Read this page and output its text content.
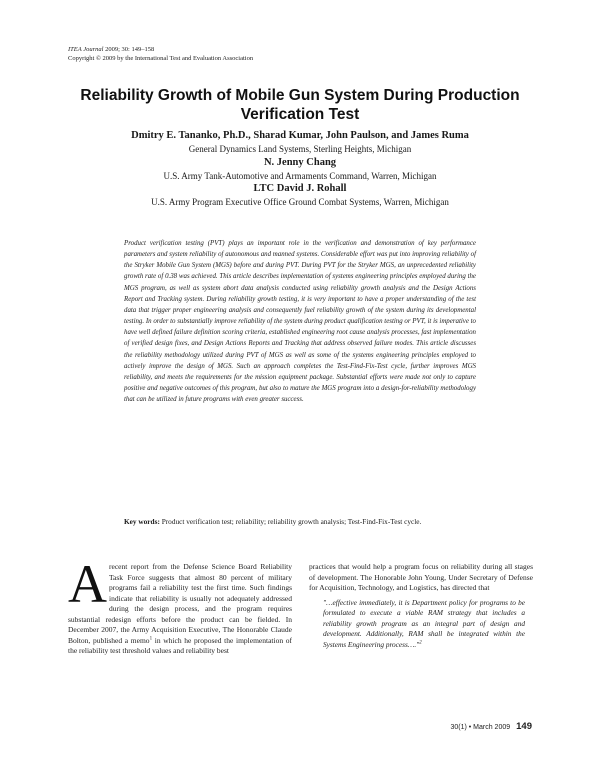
ITEA Journal 2009; 30: 149–158
Copyright © 2009 by the International Test and Evaluation Association
Reliability Growth of Mobile Gun System During Production Verification Test
Dmitry E. Tananko, Ph.D., Sharad Kumar, John Paulson, and James Ruma
General Dynamics Land Systems, Sterling Heights, Michigan
N. Jenny Chang
U.S. Army Tank-Automotive and Armaments Command, Warren, Michigan
LTC David J. Rohall
U.S. Army Program Executive Office Ground Combat Systems, Warren, Michigan
Product verification testing (PVT) plays an important role in the verification and demonstration of key performance parameters and system reliability of autonomous and manned systems. Considerable effort was put into improving reliability of the Stryker Mobile Gun System (MGS) before and during PVT. During PVT for the Stryker MGS, an unprecedented reliability growth rate of 0.38 was achieved. This article describes implementation of systems engineering principles employed during the MGS program, as well as system abort data analysis conducted using reliability growth analysis and the Design Actions Report and Tracking system. During reliability growth testing, it is very important to have a proper understanding of the test data that trigger proper engineering analysis and consequently fuel reliability growth of the system during its developmental testing. In order to substantially improve reliability of the system during product qualification testing or PVT, it is imperative to have well defined failure definition scoring criteria, established engineering root cause analysis processes, fast implementation of verified design fixes, and Design Actions Reports and Tracking that address observed failure modes. This article discusses the reliability methodology utilized during PVT of MGS as well as some of the systems engineering principles employed to actively improve the design of MGS. Such an approach completes the Test-Find-Fix-Test cycle, further improves MGS reliability, and meets the requirements for the mission equipment package. Substantial efforts were made not only to capture positive and negative outcomes of this program, but also to mature the MGS program into a design-for-reliability methodology that can be utilized in future programs with even greater success.
Key words: Product verification test; reliability; reliability growth analysis; Test-Find-Fix-Test cycle.
Arecent report from the Defense Science Board Reliability Task Force suggests that almost 80 percent of military programs fail a reliability test the first time. Such findings indicate that reliability is usually not adequately addressed during the design process, and the program requires substantial redesign efforts before the product can be fielded. In December 2007, the Army Acquisition Executive, The Honorable Claude Bolton, published a memo$^1$ in which he proposed the implementation of the reliability test threshold values and reliability best
practices that would help a program focus on reliability during all stages of development. The Honorable John Young, Under Secretary of Defense for Acquisition, Technology, and Logistics, has directed that
"…effective immediately, it is Department policy for programs to be formulated to execute a viable RAM strategy that includes a reliability growth program as an integral part of design and development. Additionally, RAM shall be integrated within the Systems Engineering process…."$^2$
30(1) • March 2009 149
